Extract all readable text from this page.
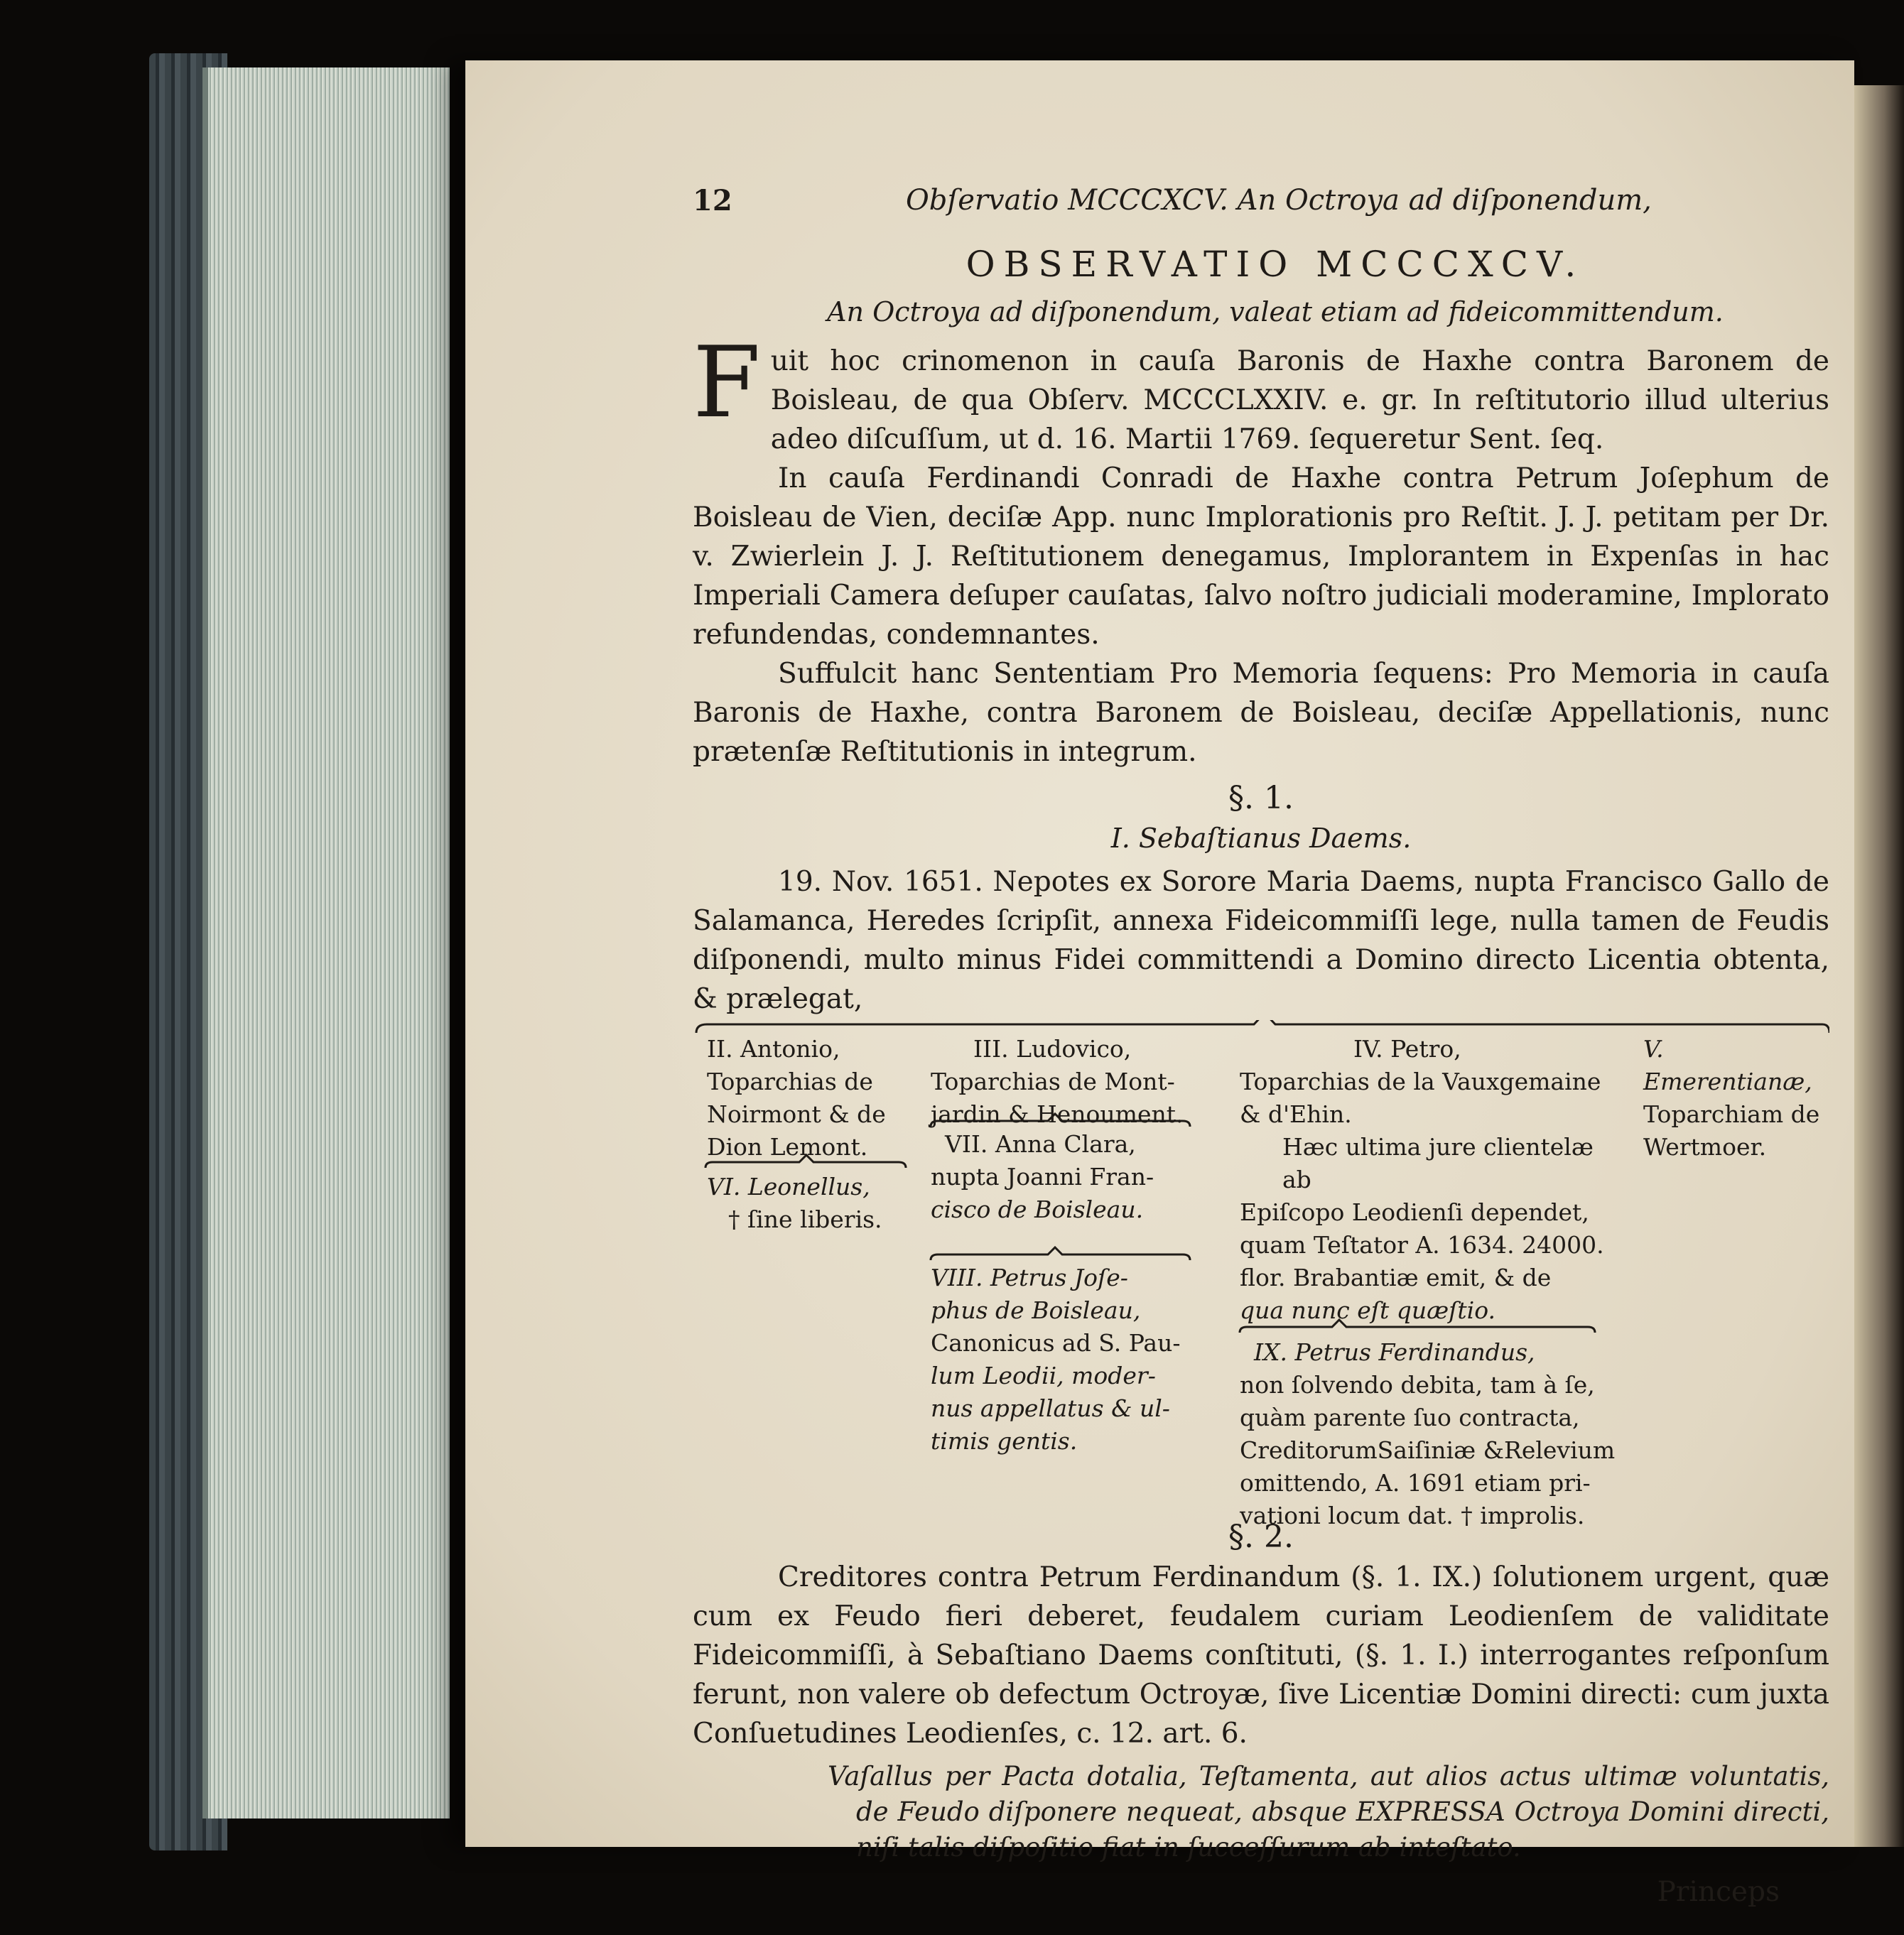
12	Obſervatio MCCCXCV. An Octroya ad diſponendum,
OBSERVATIO MCCCXCV.
An Octroya ad diſponendum, valeat etiam ad fideicommittendum.

Fuit hoc crinomenon in cauſa Baronis de Haxhe contra Baronem de Boisleau, de qua Obſerv. MCCCLXXIV. e. gr. In reſtitutorio illud ulterius adeo diſcuſſum, ut d. 16. Martii 1769. ſequeretur Sent. ſeq.

In cauſa Ferdinandi Conradi de Haxhe contra Petrum Joſephum de Boisleau de Vien, deciſæ App. nunc Implorationis pro Reſtit. J. J. petitam per Dr. v. Zwierlein J. J. Reſtitutionem denegamus, Implorantem in Expenſas in hac Imperiali Camera deſuper cauſatas, ſalvo noſtro judiciali moderamine, Implorato refundendas, condemnantes.

Suffulcit hanc Sententiam Pro Memoria ſequens: Pro Memoria in cauſa Baronis de Haxhe, contra Baronem de Boisleau, deciſæ Appellationis, nunc prætenſæ Reſtitutionis in integrum.

§. 1.
I. Sebaſtianus Daems.

19. Nov. 1651. Nepotes ex Sorore Maria Daems, nupta Francisco Gallo de Salamanca, Heredes ſcripſit, annexa Fideicommiſſi lege, nulla tamen de Feudis diſponendi, multo minus Fidei committendi a Domino directo Licentia obtenta, & prælegat,

II. Antonio,
Toparchias de
Noirmont & de
Dion Lemont.
VI. Leonellus,
† ſine liberis.
III. Ludovico,
Toparchias de Mont-
jardin & Henoument.
VII. Anna Clara,
nupta Joanni Fran-
cisco de Boisleau.
VIII. Petrus Joſe-
phus de Boisleau,
Canonicus ad S. Pau-
lum Leodii, moder-
nus appellatus & ul-
timis gentis.
IV. Petro,
Toparchias de la Vauxgemaine
& d'Ehin.
Hæc ultima jure clientelæ ab
Epiſcopo Leodienſi dependet,
quam Teſtator A. 1634. 24000.
flor. Brabantiæ emit, & de
qua nunc eſt quæſtio.
IX. Petrus Ferdinandus,
non ſolvendo debita, tam à ſe,
quàm parente ſuo contracta,
CreditorumSaiſiniæ &Relevium
omittendo, A. 1691 etiam pri-
vationi locum dat. † improlis.
V. Emerentianæ,
Toparchiam de
Wertmoer.
§. 2.

Creditores contra Petrum Ferdinandum (§. 1. IX.) ſolutionem urgent, quæ cum ex Feudo fieri deberet, feudalem curiam Leodienſem de validitate Fideicommiſſi, à Sebaſtiano Daems conſtituti, (§. 1. I.) interrogantes reſponſum ferunt, non valere ob defectum Octroyæ, ſive Licentiæ Domini directi: cum juxta Conſuetudines Leodienſes, c. 12. art. 6.

Vaſallus per Pacta dotalia, Teſtamenta, aut alios actus ultimæ voluntatis, de Feudo diſponere nequeat, absque EXPRESSA Octroya Domini directi, niſi talis diſpoſitio fiat in ſucceſſurum ab inteſtato.

Princeps
